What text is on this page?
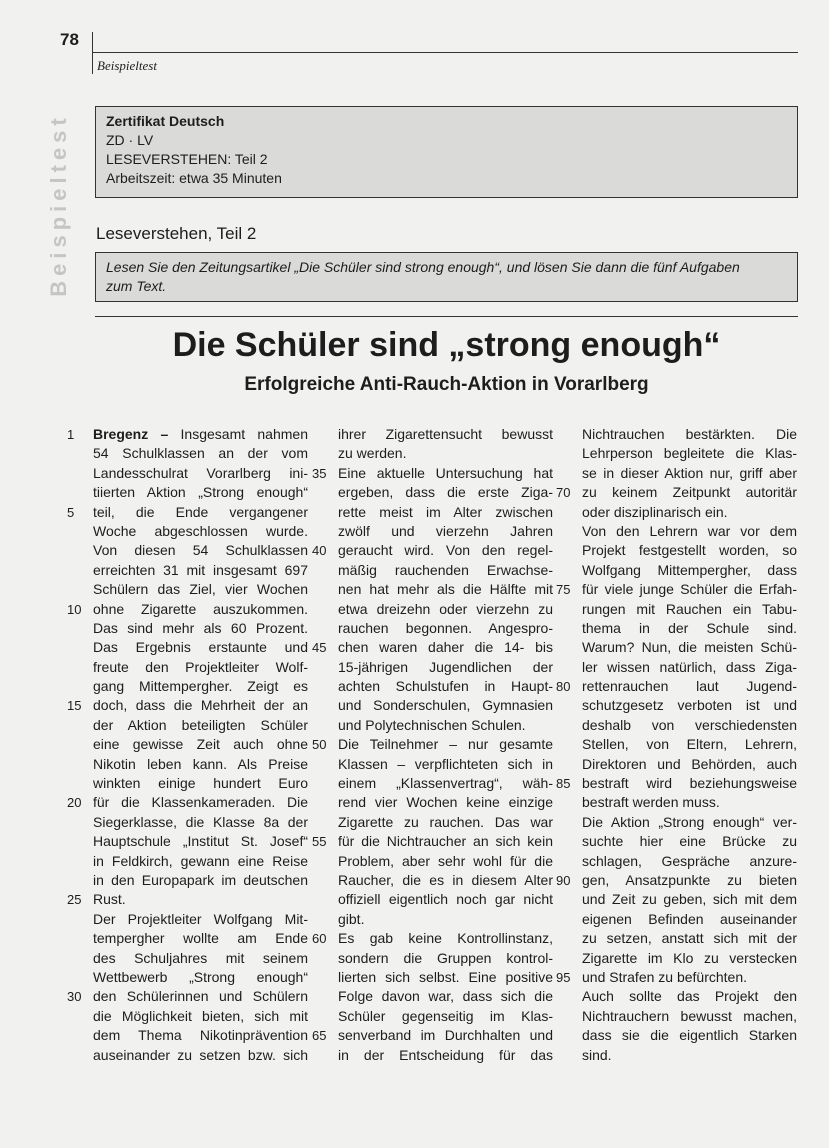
78
Beispieltest
Beispieltest	Zertifikat Deutsch
ZD · LV
LESEVERSTEHEN: Teil 2
Arbeitszeit: etwa 35 Minuten
Leseverstehen, Teil 2
Lesen Sie den Zeitungsartikel „Die Schüler sind strong enough“, und lösen Sie dann die fünf Aufgaben
zum Text.
Die Schüler sind „strong enough“
Erfolgreiche Anti-Rauch-Aktion in Vorarlberg
1	Bregenz – Insgesamt nahmen
54 Schulklassen an der vom
Landesschulrat Vorarlberg ini-
tiierten Aktion „Strong enough“
5	teil, die Ende vergangener
Woche abgeschlossen wurde.
Von diesen 54 Schulklassen
erreichten 31 mit insgesamt 697
Schülern das Ziel, vier Wochen
10 ohne Zigarette auszukommen.
Das sind mehr als 60 Prozent.
Das Ergebnis erstaunte und
freute den Projektleiter Wolf-
gang Mittempergher. Zeigt es
15 doch, dass die Mehrheit der an
der Aktion beteiligten Schüler
eine gewisse Zeit auch ohne
Nikotin leben kann. Als Preise
winkten einige hundert Euro
20 für die Klassenkameraden. Die
Siegerklasse, die Klasse 8a der
Hauptschule „Institut St. Josef“
in Feldkirch, gewann eine Reise
in den Europapark im deutschen
25 Rust.
Der Projektleiter Wolfgang Mit-
tempergher wollte am Ende
des Schuljahres mit seinem
Wettbewerb „Strong enough“
30 den Schülerinnen und Schülern
die Möglichkeit bieten, sich mit
dem Thema Nikotinprävention
auseinander zu setzen bzw. sich
ihrer Zigarettensucht bewusst
zu werden.
35 Eine aktuelle Untersuchung hat
ergeben, dass die erste Ziga-
rette meist im Alter zwischen
zwölf und vierzehn Jahren
40 geraucht wird. Von den regel-
mäßig rauchenden Erwachse-
nen hat mehr als die Hälfte mit
etwa dreizehn oder vierzehn zu
rauchen begonnen. Angespro-
45 chen waren daher die 14- bis
15-jährigen Jugendlichen der
achten Schulstufen in Haupt-
und Sonderschulen, Gymnasien
und Polytechnischen Schulen.
50 Die Teilnehmer – nur gesamte
Klassen – verpflichteten sich in
einem „Klassenvertrag“, wäh-
rend vier Wochen keine einzige
Zigarette zu rauchen. Das war
55 für die Nichtraucher an sich kein
Problem, aber sehr wohl für die
Raucher, die es in diesem Alter
offiziell eigentlich noch gar nicht
gibt.
60 Es gab keine Kontrollinstanz,
sondern die Gruppen kontrol-
lierten sich selbst. Eine positive
Folge davon war, dass sich die
Schüler gegenseitig im Klas-
65 senverband im Durchhalten und
in der Entscheidung für das
Nichtrauchen bestärkten. Die
Lehrperson begleitete die Klas-
se in dieser Aktion nur, griff aber
70 zu keinem Zeitpunkt autoritär
oder disziplinarisch ein.
Von den Lehrern war vor dem
Projekt festgestellt worden, so
Wolfgang Mittempergher, dass
75 für viele junge Schüler die Erfah-
rungen mit Rauchen ein Tabu-
thema in der Schule sind.
Warum? Nun, die meisten Schü-
ler wissen natürlich, dass Ziga-
80 rettenrauchen laut Jugend-
schutzgesetz verboten ist und
deshalb von verschiedensten
Stellen, von Eltern, Lehrern,
Direktoren und Behörden, auch
85 bestraft wird beziehungsweise
bestraft werden muss.
Die Aktion „Strong enough“ ver-
suchte hier eine Brücke zu
schlagen, Gespräche anzure-
90 gen, Ansatzpunkte zu bieten
und Zeit zu geben, sich mit dem
eigenen Befinden auseinander
zu setzen, anstatt sich mit der
Zigarette im Klo zu verstecken
95 und Strafen zu befürchten.
Auch sollte das Projekt den
Nichtrauchern bewusst machen,
dass sie die eigentlich Starken
sind.
